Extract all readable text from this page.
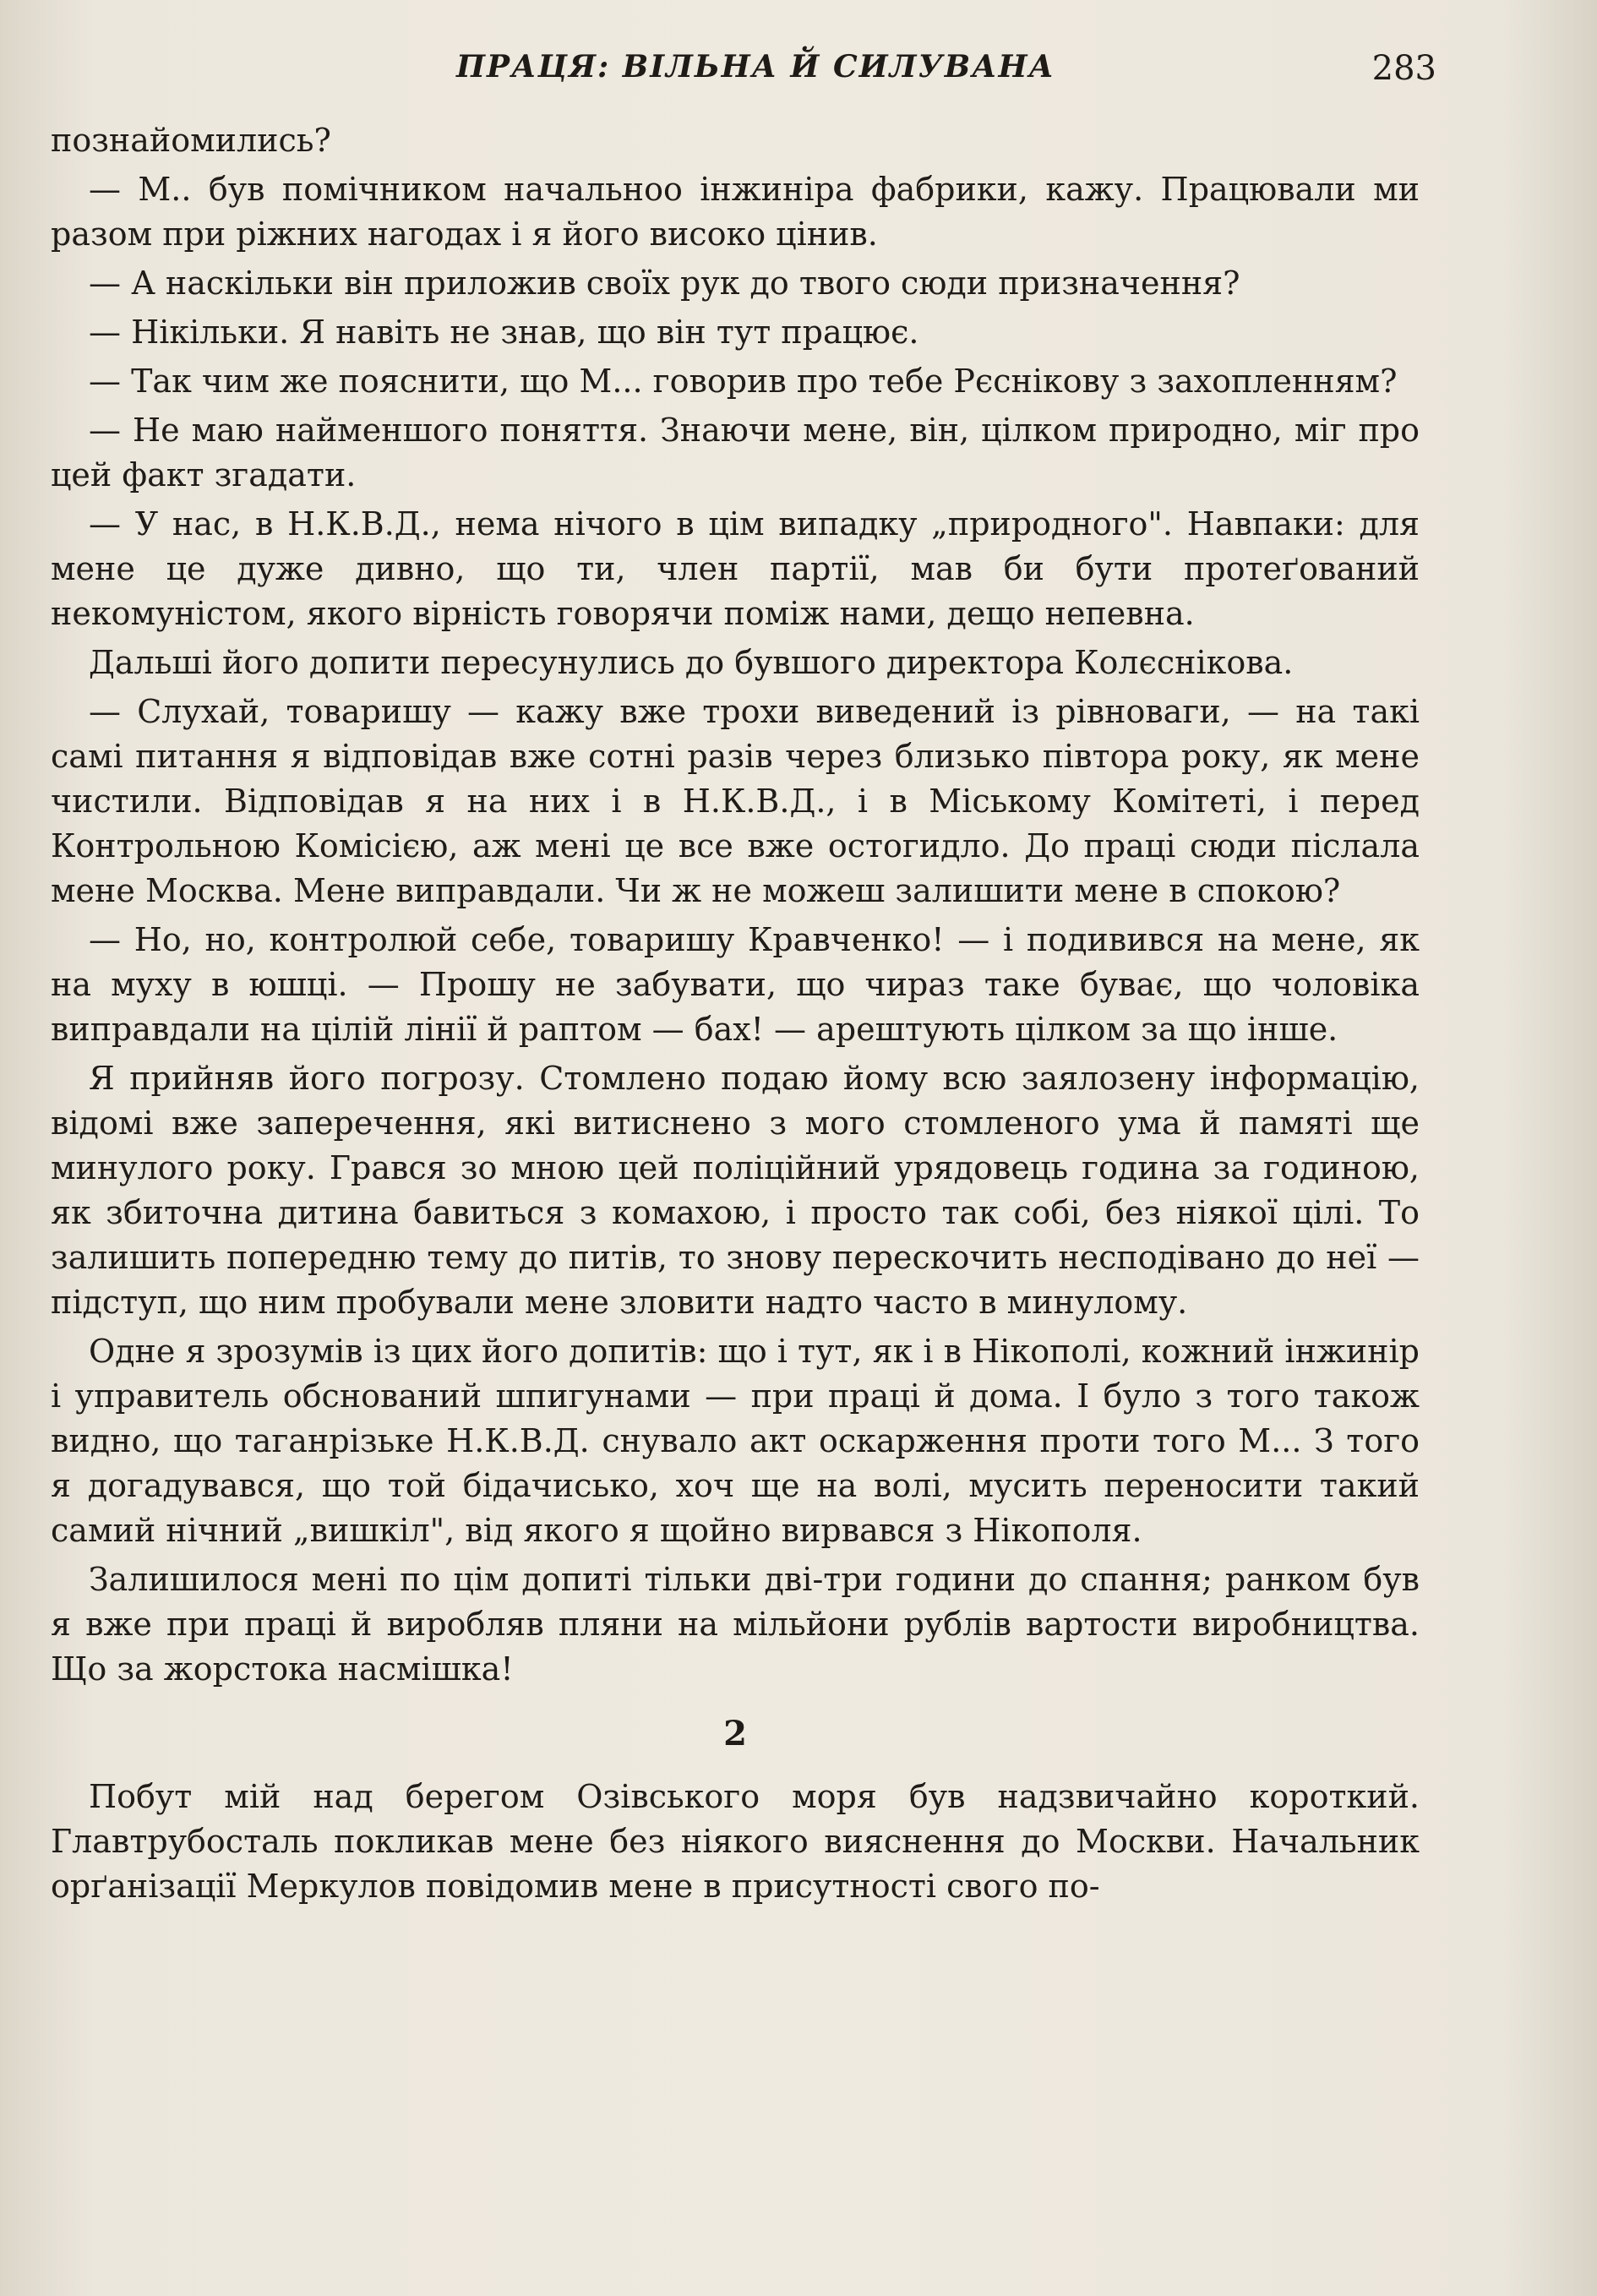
ПРАЦЯ: ВІЛЬНА Й СИЛУВАНА	283

познайомились?

— М.. був помічником начальноо інжиніра фабрики, кажу. Працювали ми разом при ріжних нагодах і я його високо цінив.

— А наскільки він приложив своїх рук до твого сюди призначення?

— Нікільки. Я навіть не знав, що він тут працює.

— Так чим же пояснити, що М... говорив про тебе Рєснікову з захопленням?

— Не маю найменшого поняття. Знаючи мене, він, цілком природно, міг про цей факт згадати.

— У нас, в Н.К.В.Д., нема нічого в цім випадку „природного". Навпаки: для мене це дуже дивно, що ти, член партії, мав би бути протеґований некомуністом, якого вірність говорячи поміж нами, дещо непевна.

Дальші його допити пересунулись до бувшого директора Колєснікова.

— Слухай, товаришу — кажу вже трохи виведений із рівноваги, — на такі самі питання я відповідав вже сотні разів через близько півтора року, як мене чистили. Відповідав я на них і в Н.К.В.Д., і в Міському Комітеті, і перед Контрольною Комісією, аж мені це все вже остогидло. До праці сюди післала мене Москва. Мене виправдали. Чи ж не можеш залишити мене в спокою?

— Но, но, контролюй себе, товаришу Кравченко! — і подивився на мене, як на муху в юшці. — Прошу не забувати, що чиpаз таке буває, що чоловіка виправдали на цілій лінії й раптом — бах! — арештують цілком за що інше.

Я прийняв його погрозу. Стомлено подаю йому всю заялозену інформацію, відомі вже заперечення, які витиснено з мого стомленого ума й памяті ще минулого року. Грався зо мною цей поліційний урядовець година за годиною, як збиточна дитина бавиться з комахою, і просто так собі, без ніякої цілі. То залишить попередню тему до питів, то знову перескочить несподівано до неї — підступ, що ним пробували мене зловити надто часто в минулому.

Одне я зрозумів із цих його допитів: що і тут, як і в Нікополі, кожний інжинір і управитель обснований шпигунами — при праці й дома. І було з того також видно, що таганрізьке Н.К.В.Д. снувало акт оскарження проти того М... З того я догадувався, що той бідачисько, хоч ще на волі, мусить переносити такий самий нічний „вишкіл", від якого я щойно вирвався з Нікополя.

Залишилося мені по цім допиті тільки дві-три години до спання; ранком був я вже при праці й виробляв пляни на мільйони рублів вартости виробництва. Що за жорстока насмішка!

2

Побут мій над берегом Озівського моря був надзвичайно короткий. Главтрубосталь покликав мене без ніякого вияснення до Москви. Начальник орґанізації Меркулов повідомив мене в присутності свого по-
